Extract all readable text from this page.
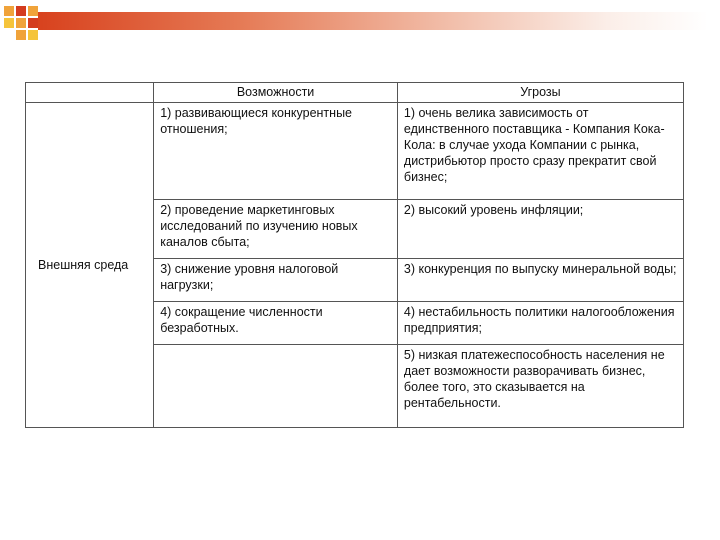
	Возможности	Угрозы
Внешняя среда	1) развивающиеся конкурентные отношения;	1) очень велика зависимость от единственного поставщика - Компания Кока-Кола: в случае ухода Компании с рынка, дистрибьютор просто сразу прекратит свой бизнес;
	2) проведение маркетинговых исследований по изучению новых каналов сбыта;	2) высокий уровень инфляции;
	3) снижение уровня налоговой нагрузки;	3) конкуренция по выпуску минеральной воды;
	4) сокращение численности безработных.	4) нестабильность политики налогообложения предприятия;
		5) низкая платежеспособность населения не дает возможности разворачивать бизнес, более того, это сказывается на рентабельности.
